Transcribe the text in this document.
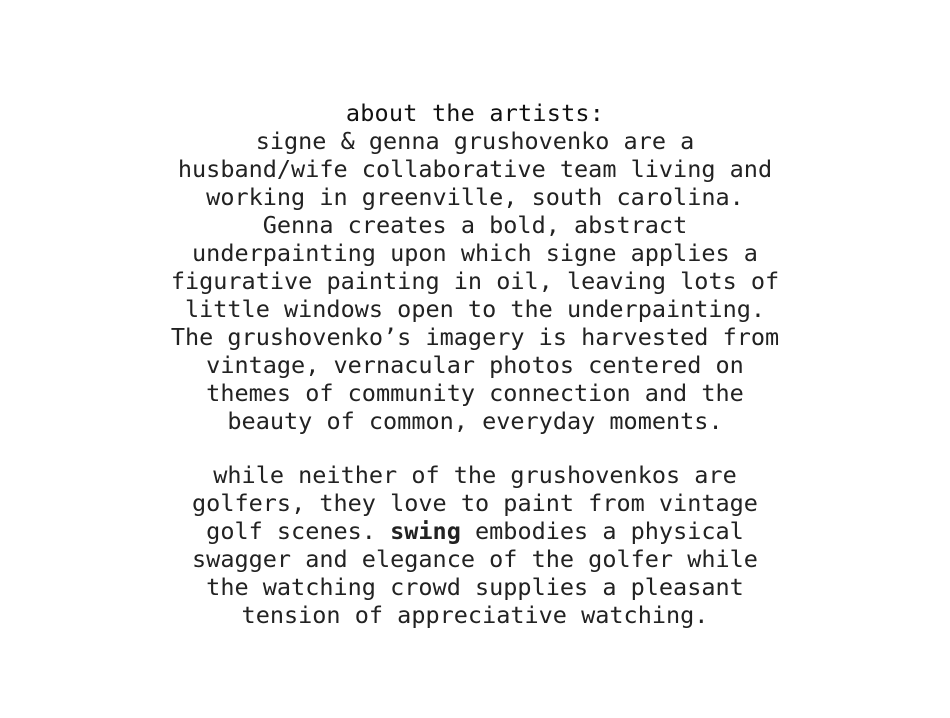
about the artists:
signe & genna grushovenko are a
husband/wife collaborative team living and
working in greenville, south carolina.
Genna creates a bold, abstract
underpainting upon which signe applies a
figurative painting in oil, leaving lots of
little windows open to the underpainting.
The grushovenko’s imagery is harvested from
vintage, vernacular photos centered on
themes of community connection and the
beauty of common, everyday moments.
while neither of the grushovenkos are
golfers, they love to paint from vintage
golf scenes. swing embodies a physical
swagger and elegance of the golfer while
the watching crowd supplies a pleasant
tension of appreciative watching.
